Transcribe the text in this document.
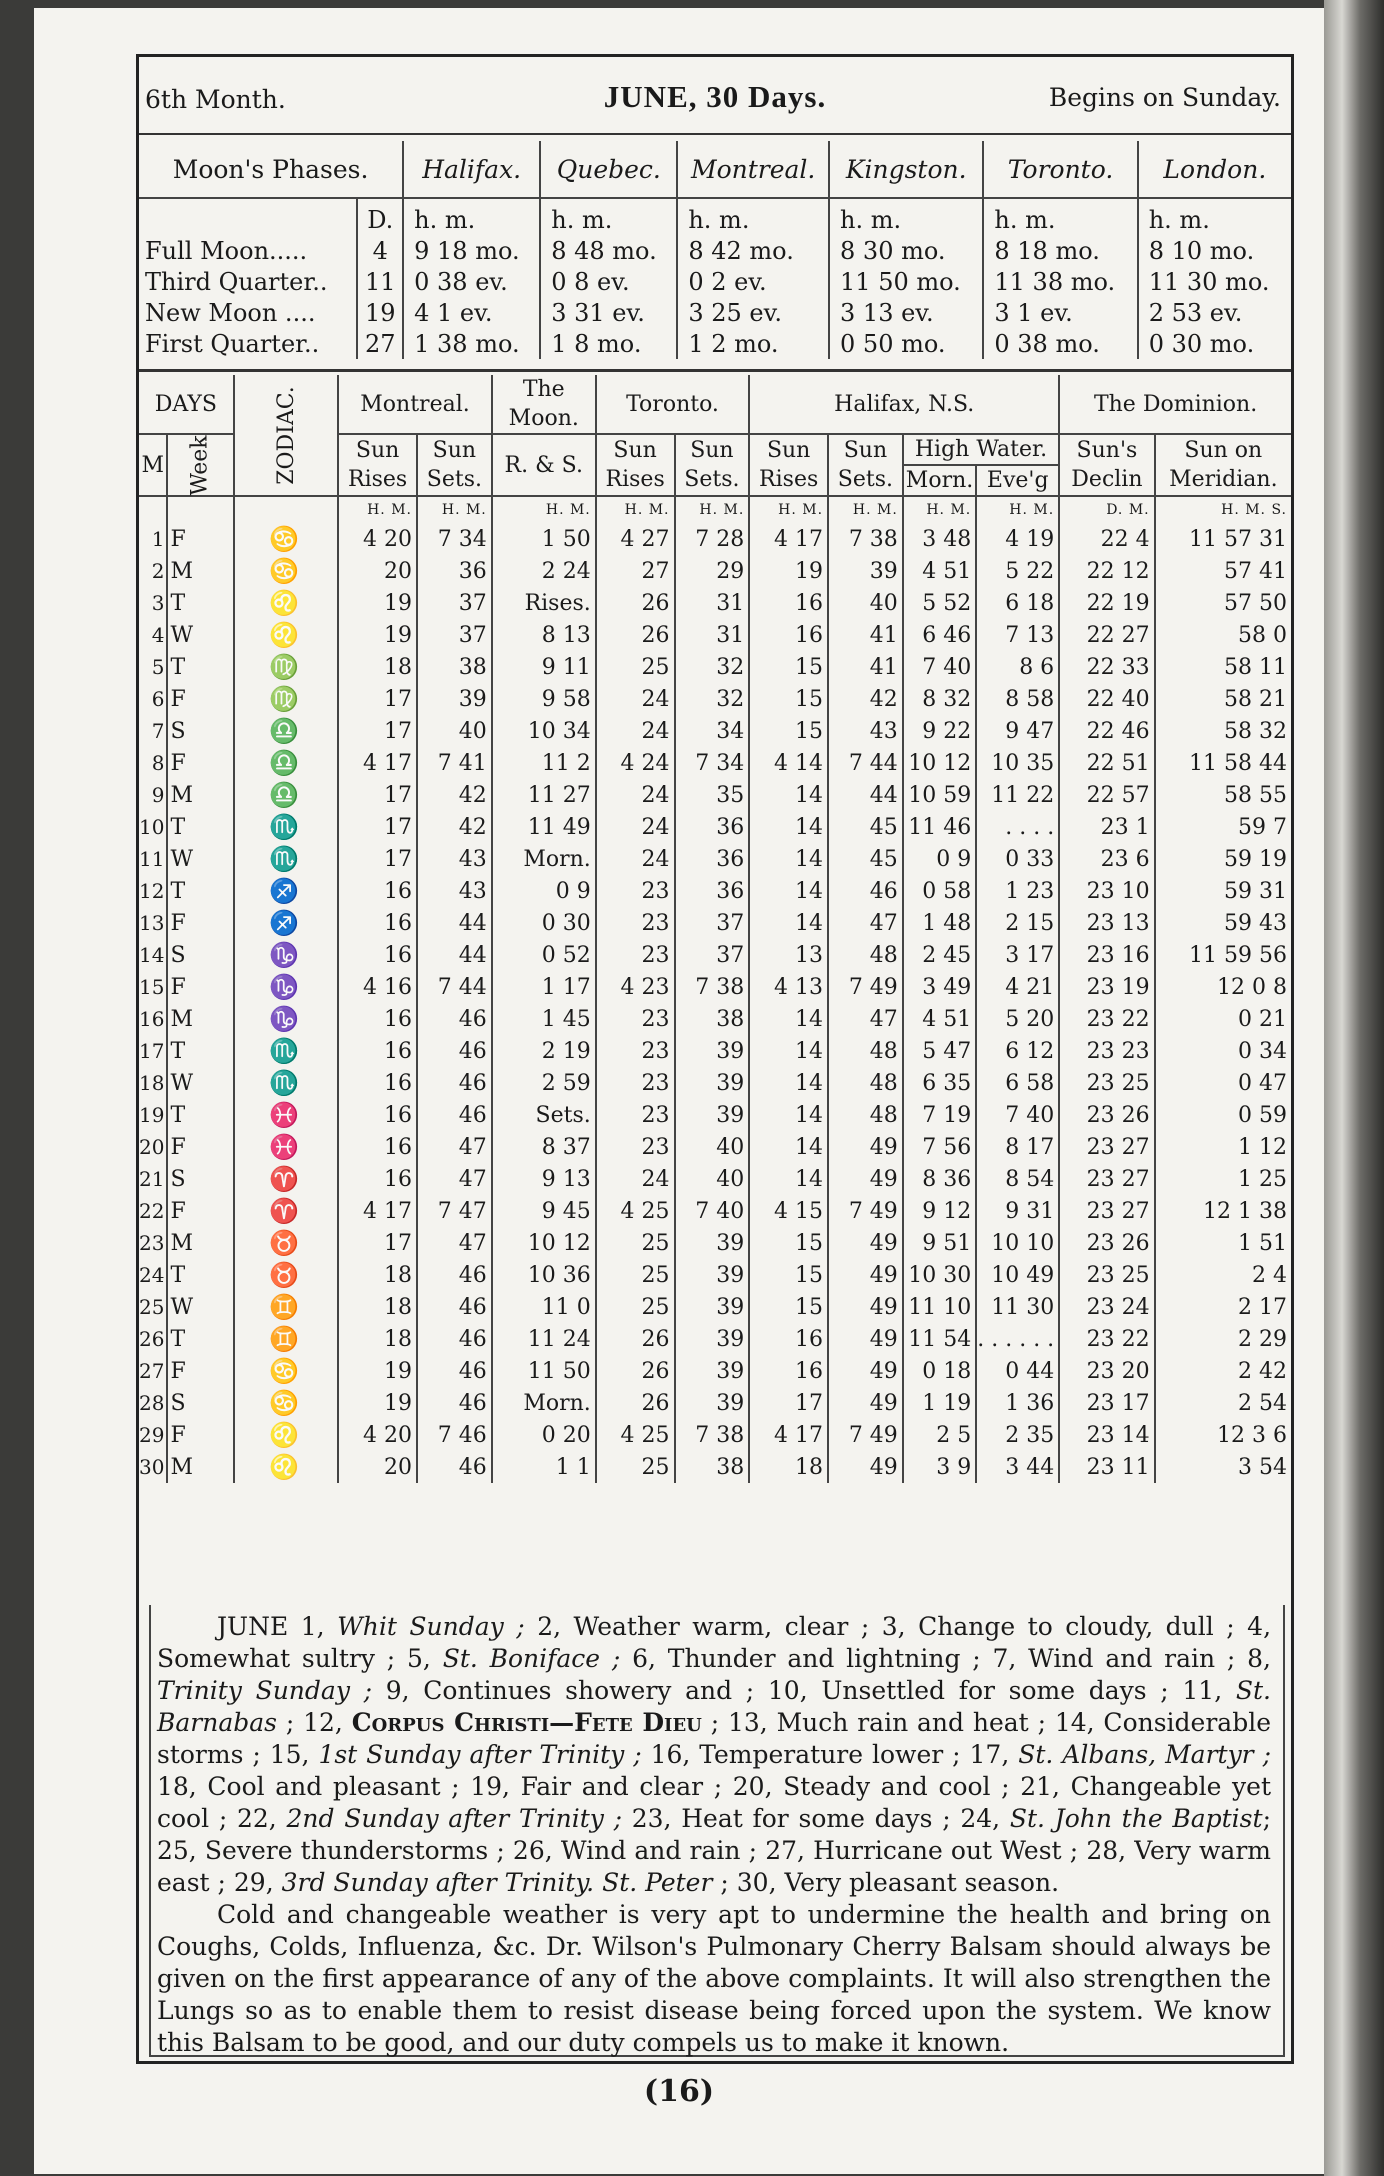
6th Month.	JUNE, 30 Days.	Begins on Sunday.
Moon's Phases.		Halifax.	Quebec.	Montreal.	Kingston.	Toronto.	London.
	D.	h. m.	h. m.	h. m.	h. m.	h. m.	h. m.
Full Moon.....	4	9 18 mo.	8 48 mo.	8 42 mo.	8 30 mo.	8 18 mo.	8 10 mo.
Third Quarter..	11	0 38 ev.	0 8 ev.	0 2 ev.	11 50 mo.	11 38 mo.	11 30 mo.
New Moon ....	19	4 1 ev.	3 31 ev.	3 25 ev.	3 13 ev.	3 1 ev.	2 53 ev.
First Quarter..	27	1 38 mo.	1 8 mo.	1 2 mo.	0 50 mo.	0 38 mo.	0 30 mo.
DAYS		ZODIAC.	Montreal.		The Moon.	Toronto.		Halifax, N.S.				The Dominion.	
M	Week		Sun Rises	Sun Sets.	R. & S.	Sun Rises	Sun Sets.	Sun Rises	Sun Sets.	High Water.		Sun's Declin	Sun on Meridian.
										Morn.	Eve'g		
			H. M.	H. M.	H. M.	H. M.	H. M.	H. M.	H. M.	H. M.	H. M.	D. M.	H. M. S.
1	F	♋	4 20	7 34	1 50	4 27	7 28	4 17	7 38	3 48	4 19	22 4	11 57 31
2	M	♋	20	36	2 24	27	29	19	39	4 51	5 22	22 12	57 41
3	T	♌	19	37	Rises.	26	31	16	40	5 52	6 18	22 19	57 50
4	W	♌	19	37	8 13	26	31	16	41	6 46	7 13	22 27	58 0
5	T	♍	18	38	9 11	25	32	15	41	7 40	8 6	22 33	58 11
6	F	♍	17	39	9 58	24	32	15	42	8 32	8 58	22 40	58 21
7	S	♎	17	40	10 34	24	34	15	43	9 22	9 47	22 46	58 32
8	F	♎	4 17	7 41	11 2	4 24	7 34	4 14	7 44	10 12	10 35	22 51	11 58 44
9	M	♎	17	42	11 27	24	35	14	44	10 59	11 22	22 57	58 55
10	T	♏	17	42	11 49	24	36	14	45	11 46	. . . .	23 1	59 7
11	W	♏	17	43	Morn.	24	36	14	45	0 9	0 33	23 6	59 19
12	T	♐	16	43	0 9	23	36	14	46	0 58	1 23	23 10	59 31
13	F	♐	16	44	0 30	23	37	14	47	1 48	2 15	23 13	59 43
14	S	♑	16	44	0 52	23	37	13	48	2 45	3 17	23 16	11 59 56
15	F	♑	4 16	7 44	1 17	4 23	7 38	4 13	7 49	3 49	4 21	23 19	12 0 8
16	M	♑	16	46	1 45	23	38	14	47	4 51	5 20	23 22	0 21
17	T	♏	16	46	2 19	23	39	14	48	5 47	6 12	23 23	0 34
18	W	♏	16	46	2 59	23	39	14	48	6 35	6 58	23 25	0 47
19	T	♓	16	46	Sets.	23	39	14	48	7 19	7 40	23 26	0 59
20	F	♓	16	47	8 37	23	40	14	49	7 56	8 17	23 27	1 12
21	S	♈	16	47	9 13	24	40	14	49	8 36	8 54	23 27	1 25
22	F	♈	4 17	7 47	9 45	4 25	7 40	4 15	7 49	9 12	9 31	23 27	12 1 38
23	M	♉	17	47	10 12	25	39	15	49	9 51	10 10	23 26	1 51
24	T	♉	18	46	10 36	25	39	15	49	10 30	10 49	23 25	2 4
25	W	♊	18	46	11 0	25	39	15	49	11 10	11 30	23 24	2 17
26	T	♊	18	46	11 24	26	39	16	49	11 54	. . . . . .	23 22	2 29
27	F	♋	19	46	11 50	26	39	16	49	0 18	0 44	23 20	2 42
28	S	♋	19	46	Morn.	26	39	17	49	1 19	1 36	23 17	2 54
29	F	♌	4 20	7 46	0 20	4 25	7 38	4 17	7 49	2 5	2 35	23 14	12 3 6
30	M	♌	20	46	1 1	25	38	18	49	3 9	3 44	23 11	3 54

JUNE 1, Whit Sunday ; 2, Weather warm, clear ; 3, Change to cloudy, dull ; 4, Somewhat sultry ; 5, St. Boniface ; 6, Thunder and lightning ; 7, Wind and rain ; 8, Trinity Sunday ; 9, Continues showery and ; 10, Unsettled for some days ; 11, St. Barnabas ; 12, Corpus Christi—Fete Dieu ; 13, Much rain and heat ; 14, Considerable storms ; 15, 1st Sunday after Trinity ; 16, Temperature lower ; 17, St. Albans, Martyr ; 18, Cool and pleasant ; 19, Fair and clear ; 20, Steady and cool ; 21, Changeable yet cool ; 22, 2nd Sunday after Trinity ; 23, Heat for some days ; 24, St. John the Baptist; 25, Severe thunderstorms ; 26, Wind and rain ; 27, Hurricane out West ; 28, Very warm east ; 29, 3rd Sunday after Trinity. St. Peter ; 30, Very pleasant season.

Cold and changeable weather is very apt to undermine the health and bring on Coughs, Colds, Influenza, &c. Dr. Wilson's Pulmonary Cherry Balsam should always be given on the first appearance of any of the above complaints. It will also strengthen the Lungs so as to enable them to resist disease being forced upon the system. We know this Balsam to be good, and our duty compels us to make it known.

(16)
